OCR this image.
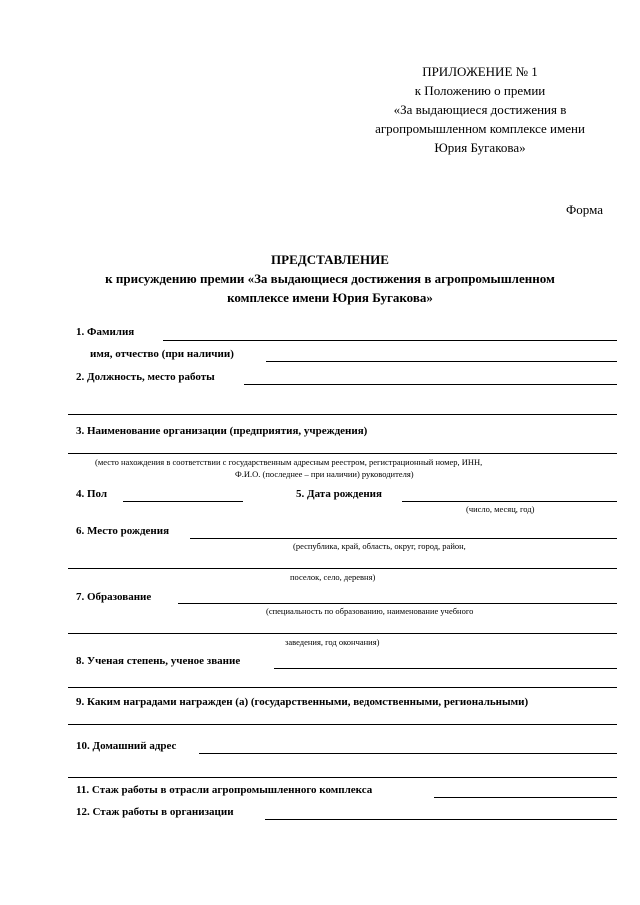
ПРИЛОЖЕНИЕ № 1
к Положению о премии
«За выдающиеся достижения в
агропромышленном комплексе имени
Юрия Бугакова»
Форма
ПРЕДСТАВЛЕНИЕ
к присуждению премии «За выдающиеся достижения в агропромышленном
комплексе имени Юрия Бугакова»
1. Фамилия
имя, отчество (при наличии)
2. Должность, место работы
3. Наименование организации (предприятия, учреждения)
(место нахождения в соответствии с государственным адресным реестром, регистрационный номер, ИНН,
Ф.И.О. (последнее – при наличии) руководителя)
4. Пол	5. Дата рождения
(число, месяц, год)
6. Место рождения
(республика, край, область, округ, город, район,
поселок, село, деревня)
7. Образование
(специальность по образованию, наименование учебного
заведения, год окончания)
8. Ученая степень, ученое звание
9. Каким наградами награжден (а) (государственными, ведомственными, региональными)
10. Домашний адрес
11. Стаж работы в отрасли агропромышленного комплекса
12. Стаж работы в организации
